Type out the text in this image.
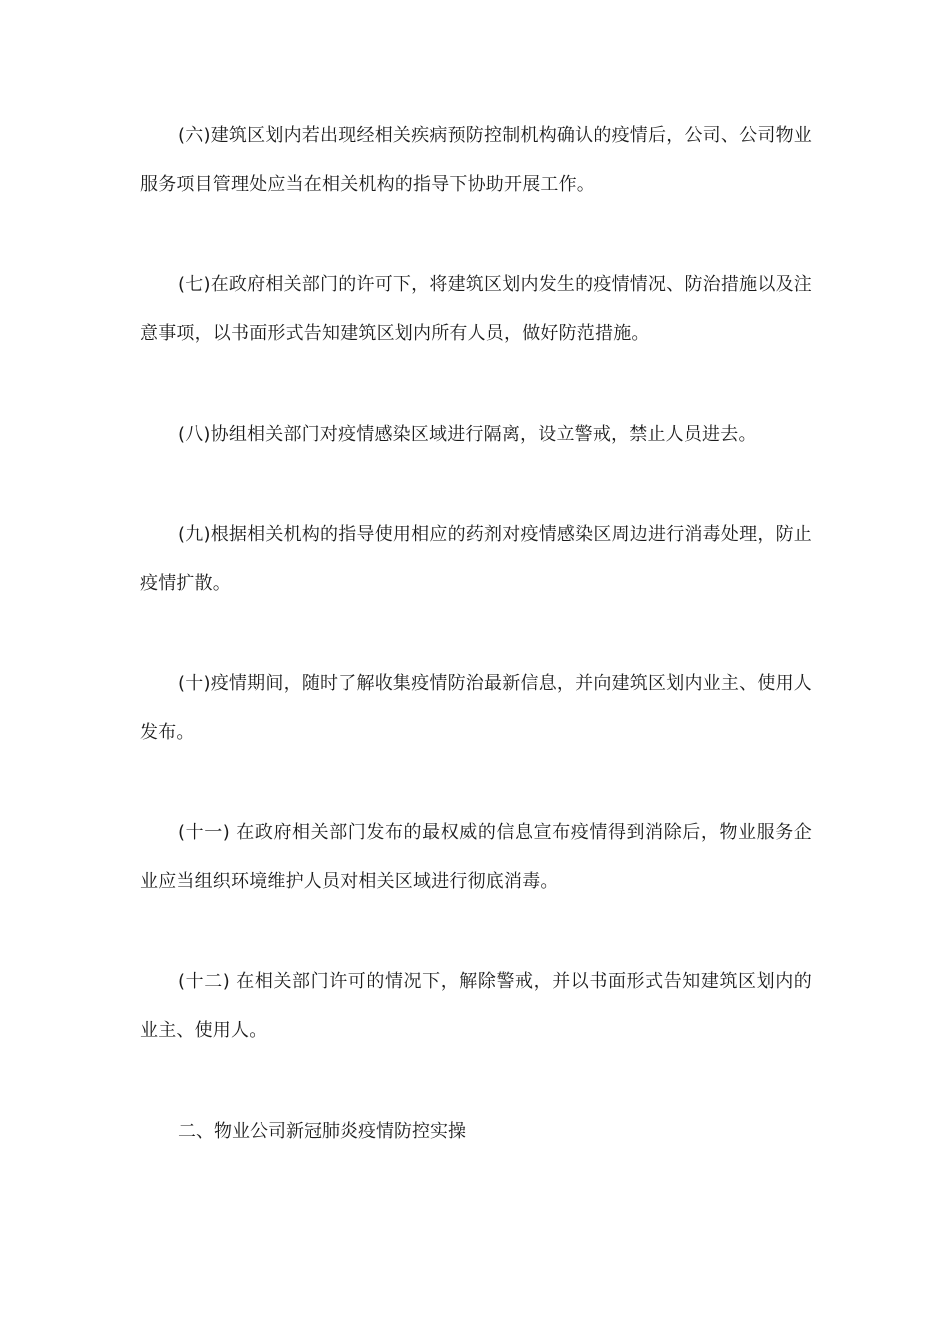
(六)建筑区划内若出现经相关疾病预防控制机构确认的疫情后，公司、公司物业服务项目管理处应当在相关机构的指导下协助开展工作。

(七)在政府相关部门的许可下，将建筑区划内发生的疫情情况、防治措施以及注意事项，以书面形式告知建筑区划内所有人员，做好防范措施。

(八)协组相关部门对疫情感染区域进行隔离，设立警戒，禁止人员进去。

(九)根据相关机构的指导使用相应的药剂对疫情感染区周边进行消毒处理，防止疫情扩散。

(十)疫情期间，随时了解收集疫情防治最新信息，并向建筑区划内业主、使用人发布。

(十一) 在政府相关部门发布的最权威的信息宣布疫情得到消除后，物业服务企业应当组织环境维护人员对相关区域进行彻底消毒。

(十二) 在相关部门许可的情况下，解除警戒，并以书面形式告知建筑区划内的业主、使用人。

二、物业公司新冠肺炎疫情防控实操
